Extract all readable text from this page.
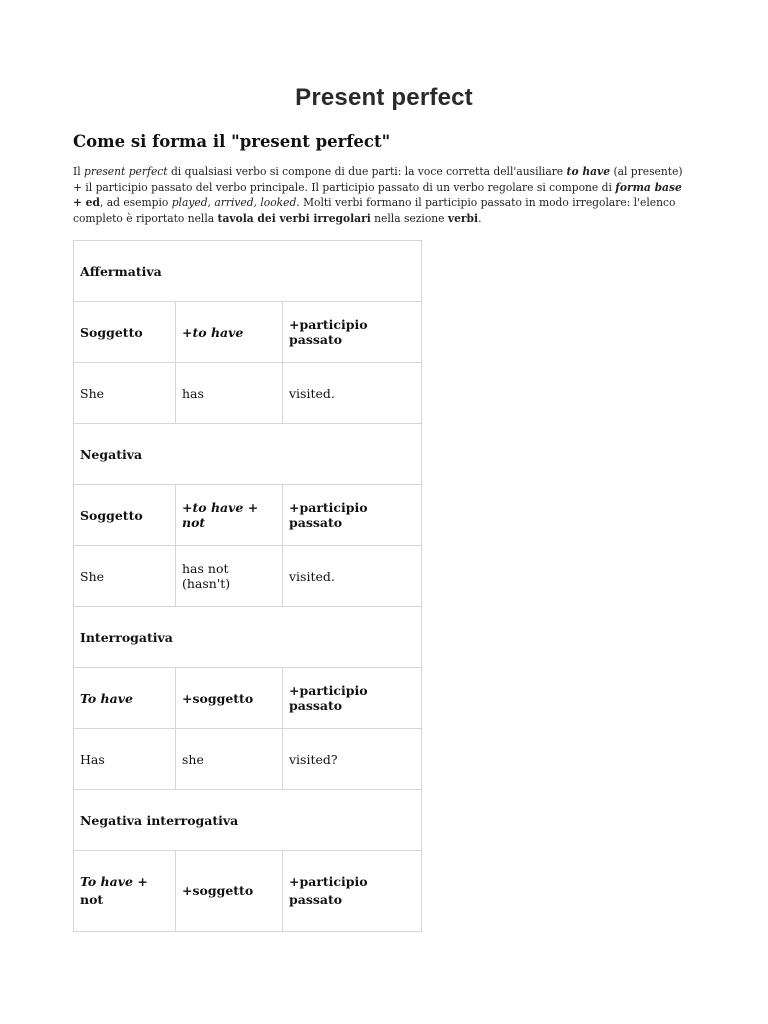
Present perfect
Come si forma il "present perfect"

Il present perfect di qualsiasi verbo si compone di due parti: la voce corretta dell'ausiliare to have (al presente) + il participio passato del verbo principale. Il participio passato di un verbo regolare si compone di forma base + ed, ad esempio played, arrived, looked. Molti verbi formano il participio passato in modo irregolare: l'elenco completo è riportato nella tavola dei verbi irregolari nella sezione verbi.

Affermativa		
Soggetto	+to have	+participio passato
She	has	visited.
Negativa		
Soggetto	+to have + not	+participio passato
She	has not (hasn't)	visited.
Interrogativa		
To have	+soggetto	+participio passato
Has	she	visited?
Negativa interrogativa		
To have + not	+soggetto	+participio passato
